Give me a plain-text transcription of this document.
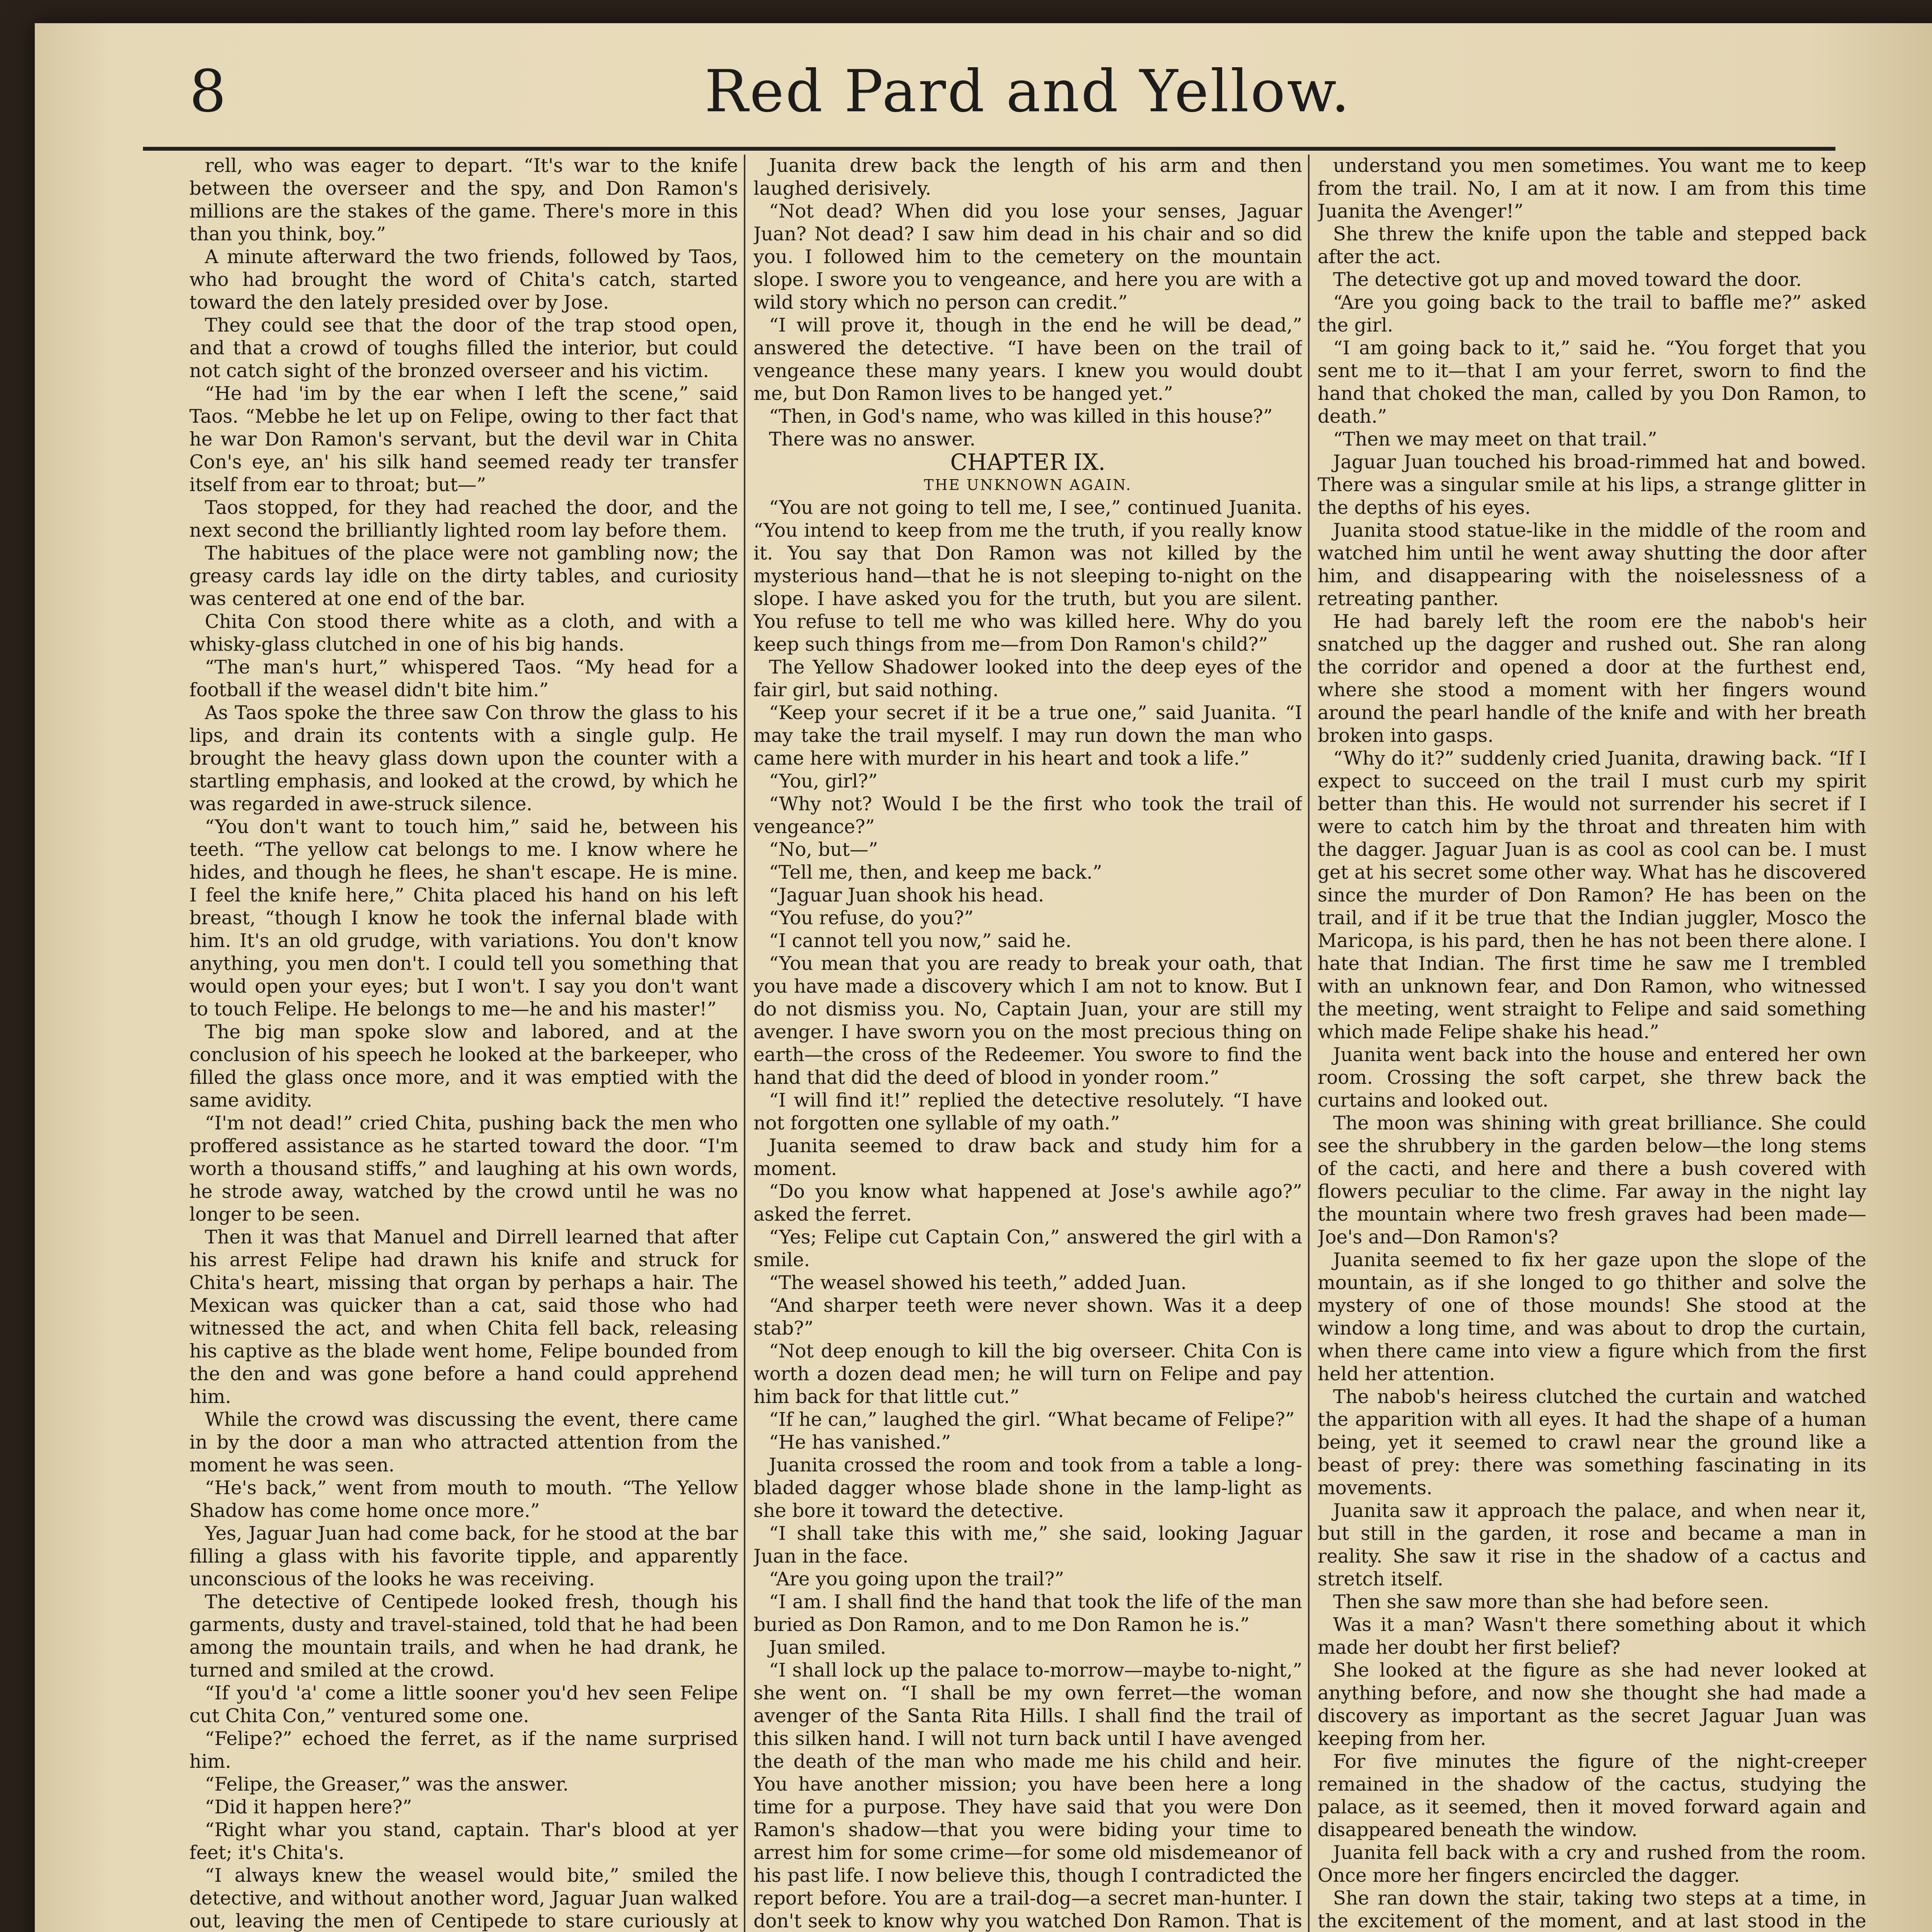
8	Red Pard and Yellow.

rell, who was eager to depart. “It's war to the knife between the overseer and the spy, and Don Ramon's millions are the stakes of the game. There's more in this than you think, boy.”

A minute afterward the two friends, followed by Taos, who had brought the word of Chita's catch, started toward the den lately presided over by Jose.

They could see that the door of the trap stood open, and that a crowd of toughs filled the interior, but could not catch sight of the bronzed overseer and his victim.

“He had 'im by the ear when I left the scene,” said Taos. “Mebbe he let up on Felipe, owing to ther fact that he war Don Ramon's servant, but the devil war in Chita Con's eye, an' his silk hand seemed ready ter transfer itself from ear to throat; but—”

Taos stopped, for they had reached the door, and the next second the brilliantly lighted room lay before them.

The habitues of the place were not gambling now; the greasy cards lay idle on the dirty tables, and curiosity was centered at one end of the bar.

Chita Con stood there white as a cloth, and with a whisky-glass clutched in one of his big hands.

“The man's hurt,” whispered Taos. “My head for a football if the weasel didn't bite him.”

As Taos spoke the three saw Con throw the glass to his lips, and drain its contents with a single gulp. He brought the heavy glass down upon the counter with a startling emphasis, and looked at the crowd, by which he was regarded in awe-struck silence.

“You don't want to touch him,” said he, between his teeth. “The yellow cat belongs to me. I know where he hides, and though he flees, he shan't escape. He is mine. I feel the knife here,” Chita placed his hand on his left breast, “though I know he took the infernal blade with him. It's an old grudge, with variations. You don't know anything, you men don't. I could tell you something that would open your eyes; but I won't. I say you don't want to touch Felipe. He belongs to me—he and his master!”

The big man spoke slow and labored, and at the conclusion of his speech he looked at the barkeeper, who filled the glass once more, and it was emptied with the same avidity.

“I'm not dead!” cried Chita, pushing back the men who proffered assistance as he started toward the door. “I'm worth a thousand stiffs,” and laughing at his own words, he strode away, watched by the crowd until he was no longer to be seen.

Then it was that Manuel and Dirrell learned that after his arrest Felipe had drawn his knife and struck for Chita's heart, missing that organ by perhaps a hair. The Mexican was quicker than a cat, said those who had witnessed the act, and when Chita fell back, releasing his captive as the blade went home, Felipe bounded from the den and was gone before a hand could apprehend him.

While the crowd was discussing the event, there came in by the door a man who attracted attention from the moment he was seen.

“He's back,” went from mouth to mouth. “The Yellow Shadow has come home once more.”

Yes, Jaguar Juan had come back, for he stood at the bar filling a glass with his favorite tipple, and apparently unconscious of the looks he was receiving.

The detective of Centipede looked fresh, though his garments, dusty and travel-stained, told that he had been among the mountain trails, and when he had drank, he turned and smiled at the crowd.

“If you'd 'a' come a little sooner you'd hev seen Felipe cut Chita Con,” ventured some one.

“Felipe?” echoed the ferret, as if the name surprised him.

“Felipe, the Greaser,” was the answer.

“Did it happen here?”

“Right whar you stand, captain. Thar's blood at yer feet; it's Chita's.

“I always knew the weasel would bite,” smiled the detective, and without another word, Jaguar Juan walked out, leaving the men of Centipede to stare curiously at

Juanita drew back the length of his arm and then laughed derisively.

“Not dead? When did you lose your senses, Jaguar Juan? Not dead? I saw him dead in his chair and so did you. I followed him to the cemetery on the mountain slope. I swore you to vengeance, and here you are with a wild story which no person can credit.”

“I will prove it, though in the end he will be dead,” answered the detective. “I have been on the trail of vengeance these many years. I knew you would doubt me, but Don Ramon lives to be hanged yet.”

“Then, in God's name, who was killed in this house?”

There was no answer.

CHAPTER IX.

THE UNKNOWN AGAIN.

“You are not going to tell me, I see,” continued Juanita. “You intend to keep from me the truth, if you really know it. You say that Don Ramon was not killed by the mysterious hand—that he is not sleeping to-night on the slope. I have asked you for the truth, but you are silent. You refuse to tell me who was killed here. Why do you keep such things from me—from Don Ramon's child?”

The Yellow Shadower looked into the deep eyes of the fair girl, but said nothing.

“Keep your secret if it be a true one,” said Juanita. “I may take the trail myself. I may run down the man who came here with murder in his heart and took a life.”

“You, girl?”

“Why not? Would I be the first who took the trail of vengeance?”

“No, but—”

“Tell me, then, and keep me back.”

“Jaguar Juan shook his head.

“You refuse, do you?”

“I cannot tell you now,” said he.

“You mean that you are ready to break your oath, that you have made a discovery which I am not to know. But I do not dismiss you. No, Captain Juan, your are still my avenger. I have sworn you on the most precious thing on earth—the cross of the Redeemer. You swore to find the hand that did the deed of blood in yonder room.”

“I will find it!” replied the detective resolutely. “I have not forgotten one syllable of my oath.”

Juanita seemed to draw back and study him for a moment.

“Do you know what happened at Jose's awhile ago?” asked the ferret.

“Yes; Felipe cut Captain Con,” answered the girl with a smile.

“The weasel showed his teeth,” added Juan.

“And sharper teeth were never shown. Was it a deep stab?”

“Not deep enough to kill the big overseer. Chita Con is worth a dozen dead men; he will turn on Felipe and pay him back for that little cut.”

“If he can,” laughed the girl. “What became of Felipe?”

“He has vanished.”

Juanita crossed the room and took from a table a long-bladed dagger whose blade shone in the lamp-light as she bore it toward the detective.

“I shall take this with me,” she said, looking Jaguar Juan in the face.

“Are you going upon the trail?”

“I am. I shall find the hand that took the life of the man buried as Don Ramon, and to me Don Ramon he is.”

Juan smiled.

“I shall lock up the palace to-morrow—maybe to-night,” she went on. “I shall be my own ferret—the woman avenger of the Santa Rita Hills. I shall find the trail of this silken hand. I will not turn back until I have avenged the death of the man who made me his child and heir. You have another mission; you have been here a long time for a purpose. They have said that you were Don Ramon's shadow—that you were biding your time to arrest him for some crime—for some old misdemeanor of his past life. I now believe this, though I contradicted the report before. You are a trail-dog—a secret man-hunter. I don't seek to know why you watched Don Ramon. That is

understand you men sometimes. You want me to keep from the trail. No, I am at it now. I am from this time Juanita the Avenger!”

She threw the knife upon the table and stepped back after the act.

The detective got up and moved toward the door.

“Are you going back to the trail to baffle me?” asked the girl.

“I am going back to it,” said he. “You forget that you sent me to it—that I am your ferret, sworn to find the hand that choked the man, called by you Don Ramon, to death.”

“Then we may meet on that trail.”

Jaguar Juan touched his broad-rimmed hat and bowed. There was a singular smile at his lips, a strange glitter in the depths of his eyes.

Juanita stood statue-like in the middle of the room and watched him until he went away shutting the door after him, and disappearing with the noiselessness of a retreating panther.

He had barely left the room ere the nabob's heir snatched up the dagger and rushed out. She ran along the corridor and opened a door at the furthest end, where she stood a moment with her fingers wound around the pearl handle of the knife and with her breath broken into gasps.

“Why do it?” suddenly cried Juanita, drawing back. “If I expect to succeed on the trail I must curb my spirit better than this. He would not surrender his secret if I were to catch him by the throat and threaten him with the dagger. Jaguar Juan is as cool as cool can be. I must get at his secret some other way. What has he discovered since the murder of Don Ramon? He has been on the trail, and if it be true that the Indian juggler, Mosco the Maricopa, is his pard, then he has not been there alone. I hate that Indian. The first time he saw me I trembled with an unknown fear, and Don Ramon, who witnessed the meeting, went straight to Felipe and said something which made Felipe shake his head.”

Juanita went back into the house and entered her own room. Crossing the soft carpet, she threw back the curtains and looked out.

The moon was shining with great brilliance. She could see the shrubbery in the garden below—the long stems of the cacti, and here and there a bush covered with flowers peculiar to the clime. Far away in the night lay the mountain where two fresh graves had been made—Joe's and—Don Ramon's?

Juanita seemed to fix her gaze upon the slope of the mountain, as if she longed to go thither and solve the mystery of one of those mounds! She stood at the window a long time, and was about to drop the curtain, when there came into view a figure which from the first held her attention.

The nabob's heiress clutched the curtain and watched the apparition with all eyes. It had the shape of a human being, yet it seemed to crawl near the ground like a beast of prey: there was something fascinating in its movements.

Juanita saw it approach the palace, and when near it, but still in the garden, it rose and became a man in reality. She saw it rise in the shadow of a cactus and stretch itself.

Then she saw more than she had before seen.

Was it a man? Wasn't there something about it which made her doubt her first belief?

She looked at the figure as she had never looked at anything before, and now she thought she had made a discovery as important as the secret Jaguar Juan was keeping from her.

For five minutes the figure of the night-creeper remained in the shadow of the cactus, studying the palace, as it seemed, then it moved forward again and disappeared beneath the window.

Juanita fell back with a cry and rushed from the room. Once more her fingers encircled the dagger.

She ran down the stair, taking two steps at a time, in the excitement of the moment, and at last stood in the
